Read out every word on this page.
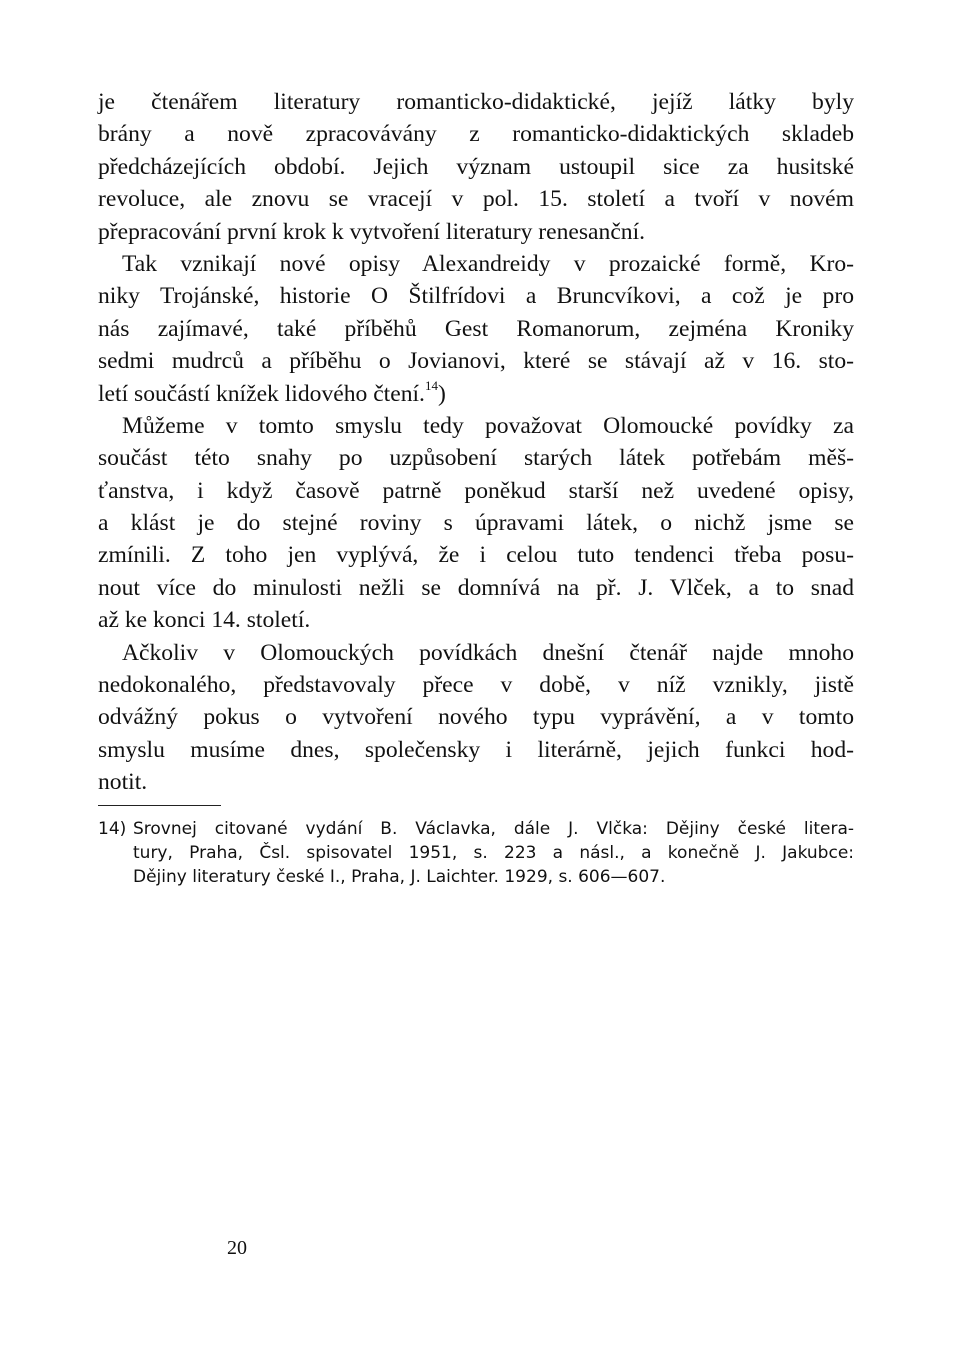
je čtenářem literatury romanticko-didaktické, jejíž látky byly
brány a nově zpracovávány z romanticko-didaktických skladeb
předcházejících období. Jejich význam ustoupil sice za husitské
revoluce, ale znovu se vracejí v pol. 15. století a tvoří v novém
přepracování první krok k vytvoření literatury renesanční.
Tak vznikají nové opisy Alexandreidy v prozaické formě, Kro-
niky Trojánské, historie O Štilfrídovi a Bruncvíkovi, a což je pro
nás zajímavé, také příběhů Gest Romanorum, zejména Kroniky
sedmi mudrců a příběhu o Jovianovi, které se stávají až v 16. sto-
letí součástí knížek lidového čtení.$^{14}$)
Můžeme v tomto smyslu tedy považovat Olomoucké povídky za
součást této snahy po uzpůsobení starých látek potřebám měš-
ťanstva, i když časově patrně poněkud starší než uvedené opisy,
a klást je do stejné roviny s úpravami látek, o nichž jsme se
zmínili. Z toho jen vyplývá, že i celou tuto tendenci třeba posu-
nout více do minulosti nežli se domnívá na př. J. Vlček, a to snad
až ke konci 14. století.
Ačkoliv v Olomouckých povídkách dnešní čtenář najde mnoho
nedokonalého, představovaly přece v době, v níž vznikly, jistě
odvážný pokus o vytvoření nového typu vyprávění, a v tomto
smyslu musíme dnes, společensky i literárně, jejich funkci hod-
notit.
14) Srovnej citované vydání B. Václavka, dále J. Vlčka: Dějiny české litera-
tury, Praha, Čsl. spisovatel 1951, s. 223 a násl., a konečně J. Jakubce:
Dějiny literatury české I., Praha, J. Laichter. 1929, s. 606—607.
20
